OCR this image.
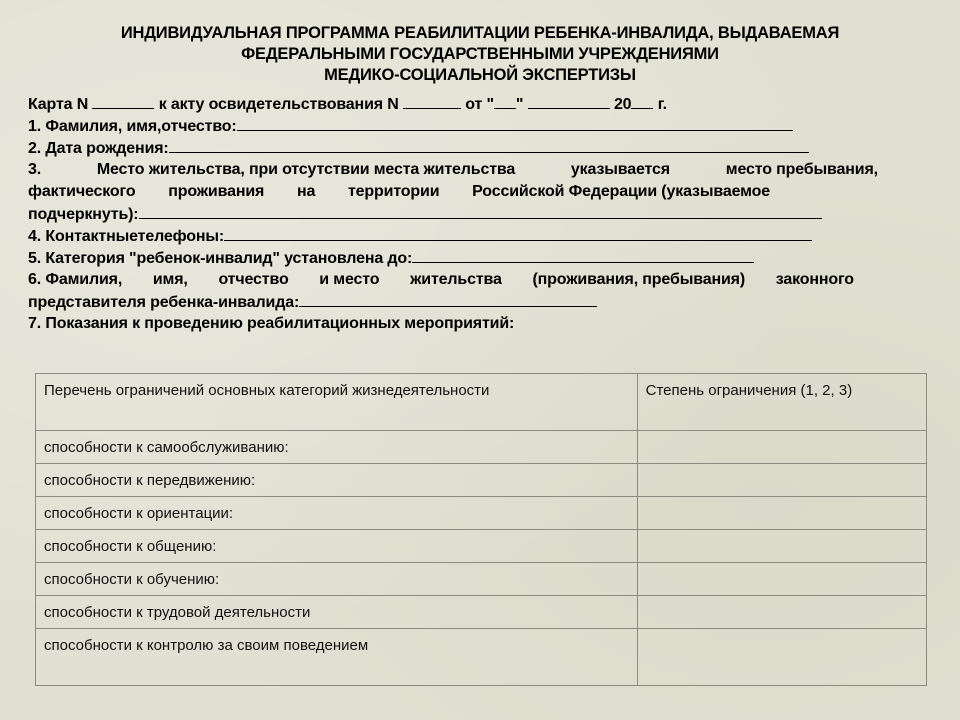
ИНДИВИДУАЛЬНАЯ ПРОГРАММА РЕАБИЛИТАЦИИ РЕБЕНКА-ИНВАЛИДА, ВЫДАВАЕМАЯ
ФЕДЕРАЛЬНЫМИ ГОСУДАРСТВЕННЫМИ УЧРЕЖДЕНИЯМИ
МЕДИКО-СОЦИАЛЬНОЙ ЭКСПЕРТИЗЫ
Карта N	к акту освидетельствования N	от " "	20 г.
1. Фамилия, имя,отчество:
2. Дата рождения:
3.	Место жительства, при отсутствии места жительства	указывается	место пребывания,
фактического проживания на территории Российской Федерации (указываемое
подчеркнуть):
4. Контактныетелефоны:
5. Категория "ребенок-инвалид" установлена до:
6. Фамилия, имя, отчество и место жительства (проживания, пребывания) законного
представителя ребенка-инвалида:
7. Показания к проведению реабилитационных мероприятий:
Перечень ограничений основных категорий жизнедеятельности	Степень ограничения (1, 2, 3)
способности к самообслуживанию:	
способности к передвижению:	
способности к ориентации:	
способности к общению:	
способности к обучению:	
способности к трудовой деятельности	
способности к контролю за своим поведением	
